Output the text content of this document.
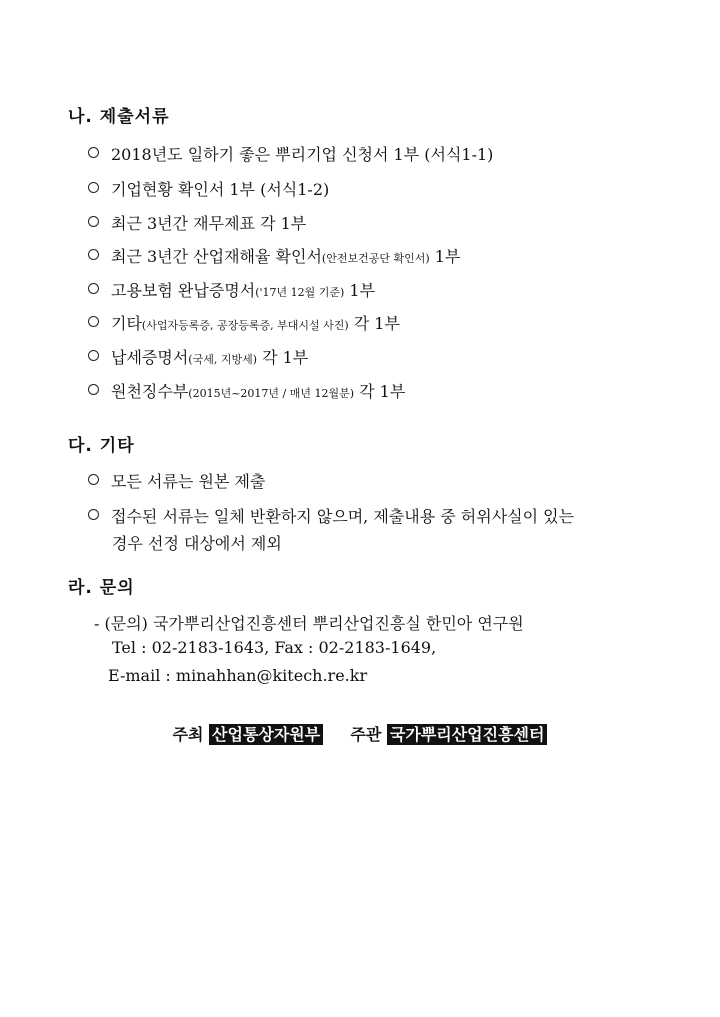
나. 제출서류
2018년도 일하기 좋은 뿌리기업 신청서 1부 (서식1-1)
기업현황 확인서 1부 (서식1-2)
최근 3년간 재무제표 각 1부
최근 3년간 산업재해율 확인서(안전보건공단 확인서) 1부
고용보험 완납증명서('17년 12월 기준) 1부
기타(사업자등록증, 공장등록증, 부대시설 사진) 각 1부
납세증명서(국세, 지방세) 각 1부
원천징수부(2015년~2017년 / 매년 12월분) 각 1부
다. 기타
모든 서류는 원본 제출
접수된 서류는 일체 반환하지 않으며, 제출내용 중 허위사실이 있는
경우 선정 대상에서 제외
라. 문의
- (문의) 국가뿌리산업진흥센터 뿌리산업진흥실 한민아 연구원
Tel : 02-2183-1643, Fax : 02-2183-1649,
E-mail : minahhan@kitech.re.kr
주최 산업통상자원부 주관 국가뿌리산업진흥센터
